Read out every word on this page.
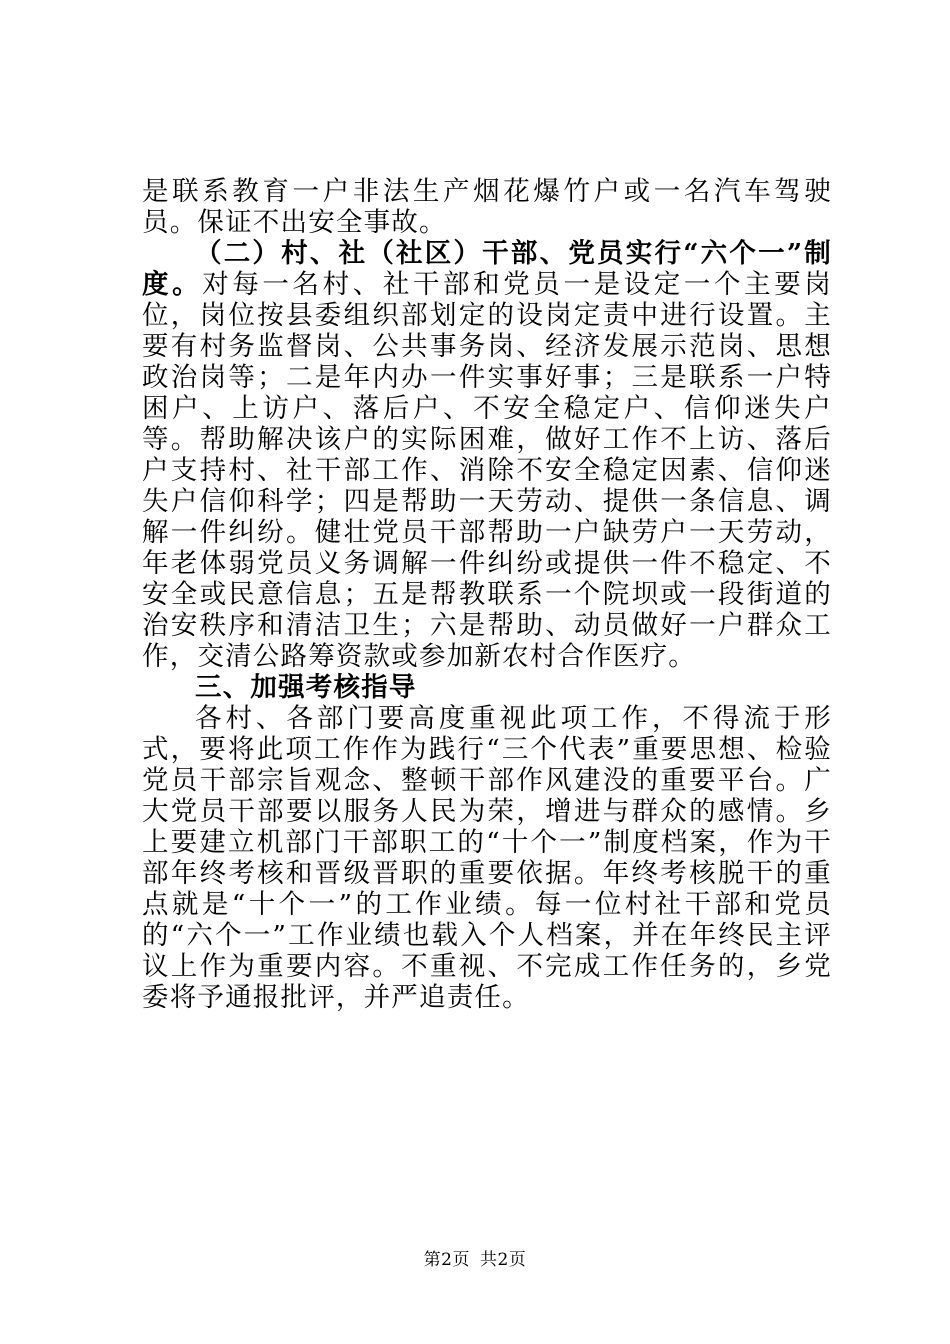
是联系教育一户非法生产烟花爆竹户或一名汽车驾驶员。保证不出安全事故。

（二）村、社（社区）干部、党员实行“六个一”制度。对每一名村、社干部和党员一是设定一个主要岗位，岗位按县委组织部划定的设岗定责中进行设置。主要有村务监督岗、公共事务岗、经济发展示范岗、思想政治岗等；二是年内办一件实事好事；三是联系一户特困户、上访户、落后户、不安全稳定户、信仰迷失户等。帮助解决该户的实际困难，做好工作不上访、落后户支持村、社干部工作、消除不安全稳定因素、信仰迷失户信仰科学；四是帮助一天劳动、提供一条信息、调解一件纠纷。健壮党员干部帮助一户缺劳户一天劳动，年老体弱党员义务调解一件纠纷或提供一件不稳定、不安全或民意信息；五是帮教联系一个院坝或一段街道的治安秩序和清洁卫生；六是帮助、动员做好一户群众工作，交清公路筹资款或参加新农村合作医疗。

三、加强考核指导

各村、各部门要高度重视此项工作，不得流于形式，要将此项工作作为践行“三个代表”重要思想、检验党员干部宗旨观念、整顿干部作风建没的重要平台。广大党员干部要以服务人民为荣，增进与群众的感情。乡上要建立机部门干部职工的“十个一”制度档案，作为干部年终考核和晋级晋职的重要依据。年终考核脱干的重点就是“十个一”的工作业绩。每一位村社干部和党员的“六个一”工作业绩也载入个人档案，并在年终民主评议上作为重要内容。不重视、不完成工作任务的，乡党委将予通报批评，并严追责任。

第2页 共2页
